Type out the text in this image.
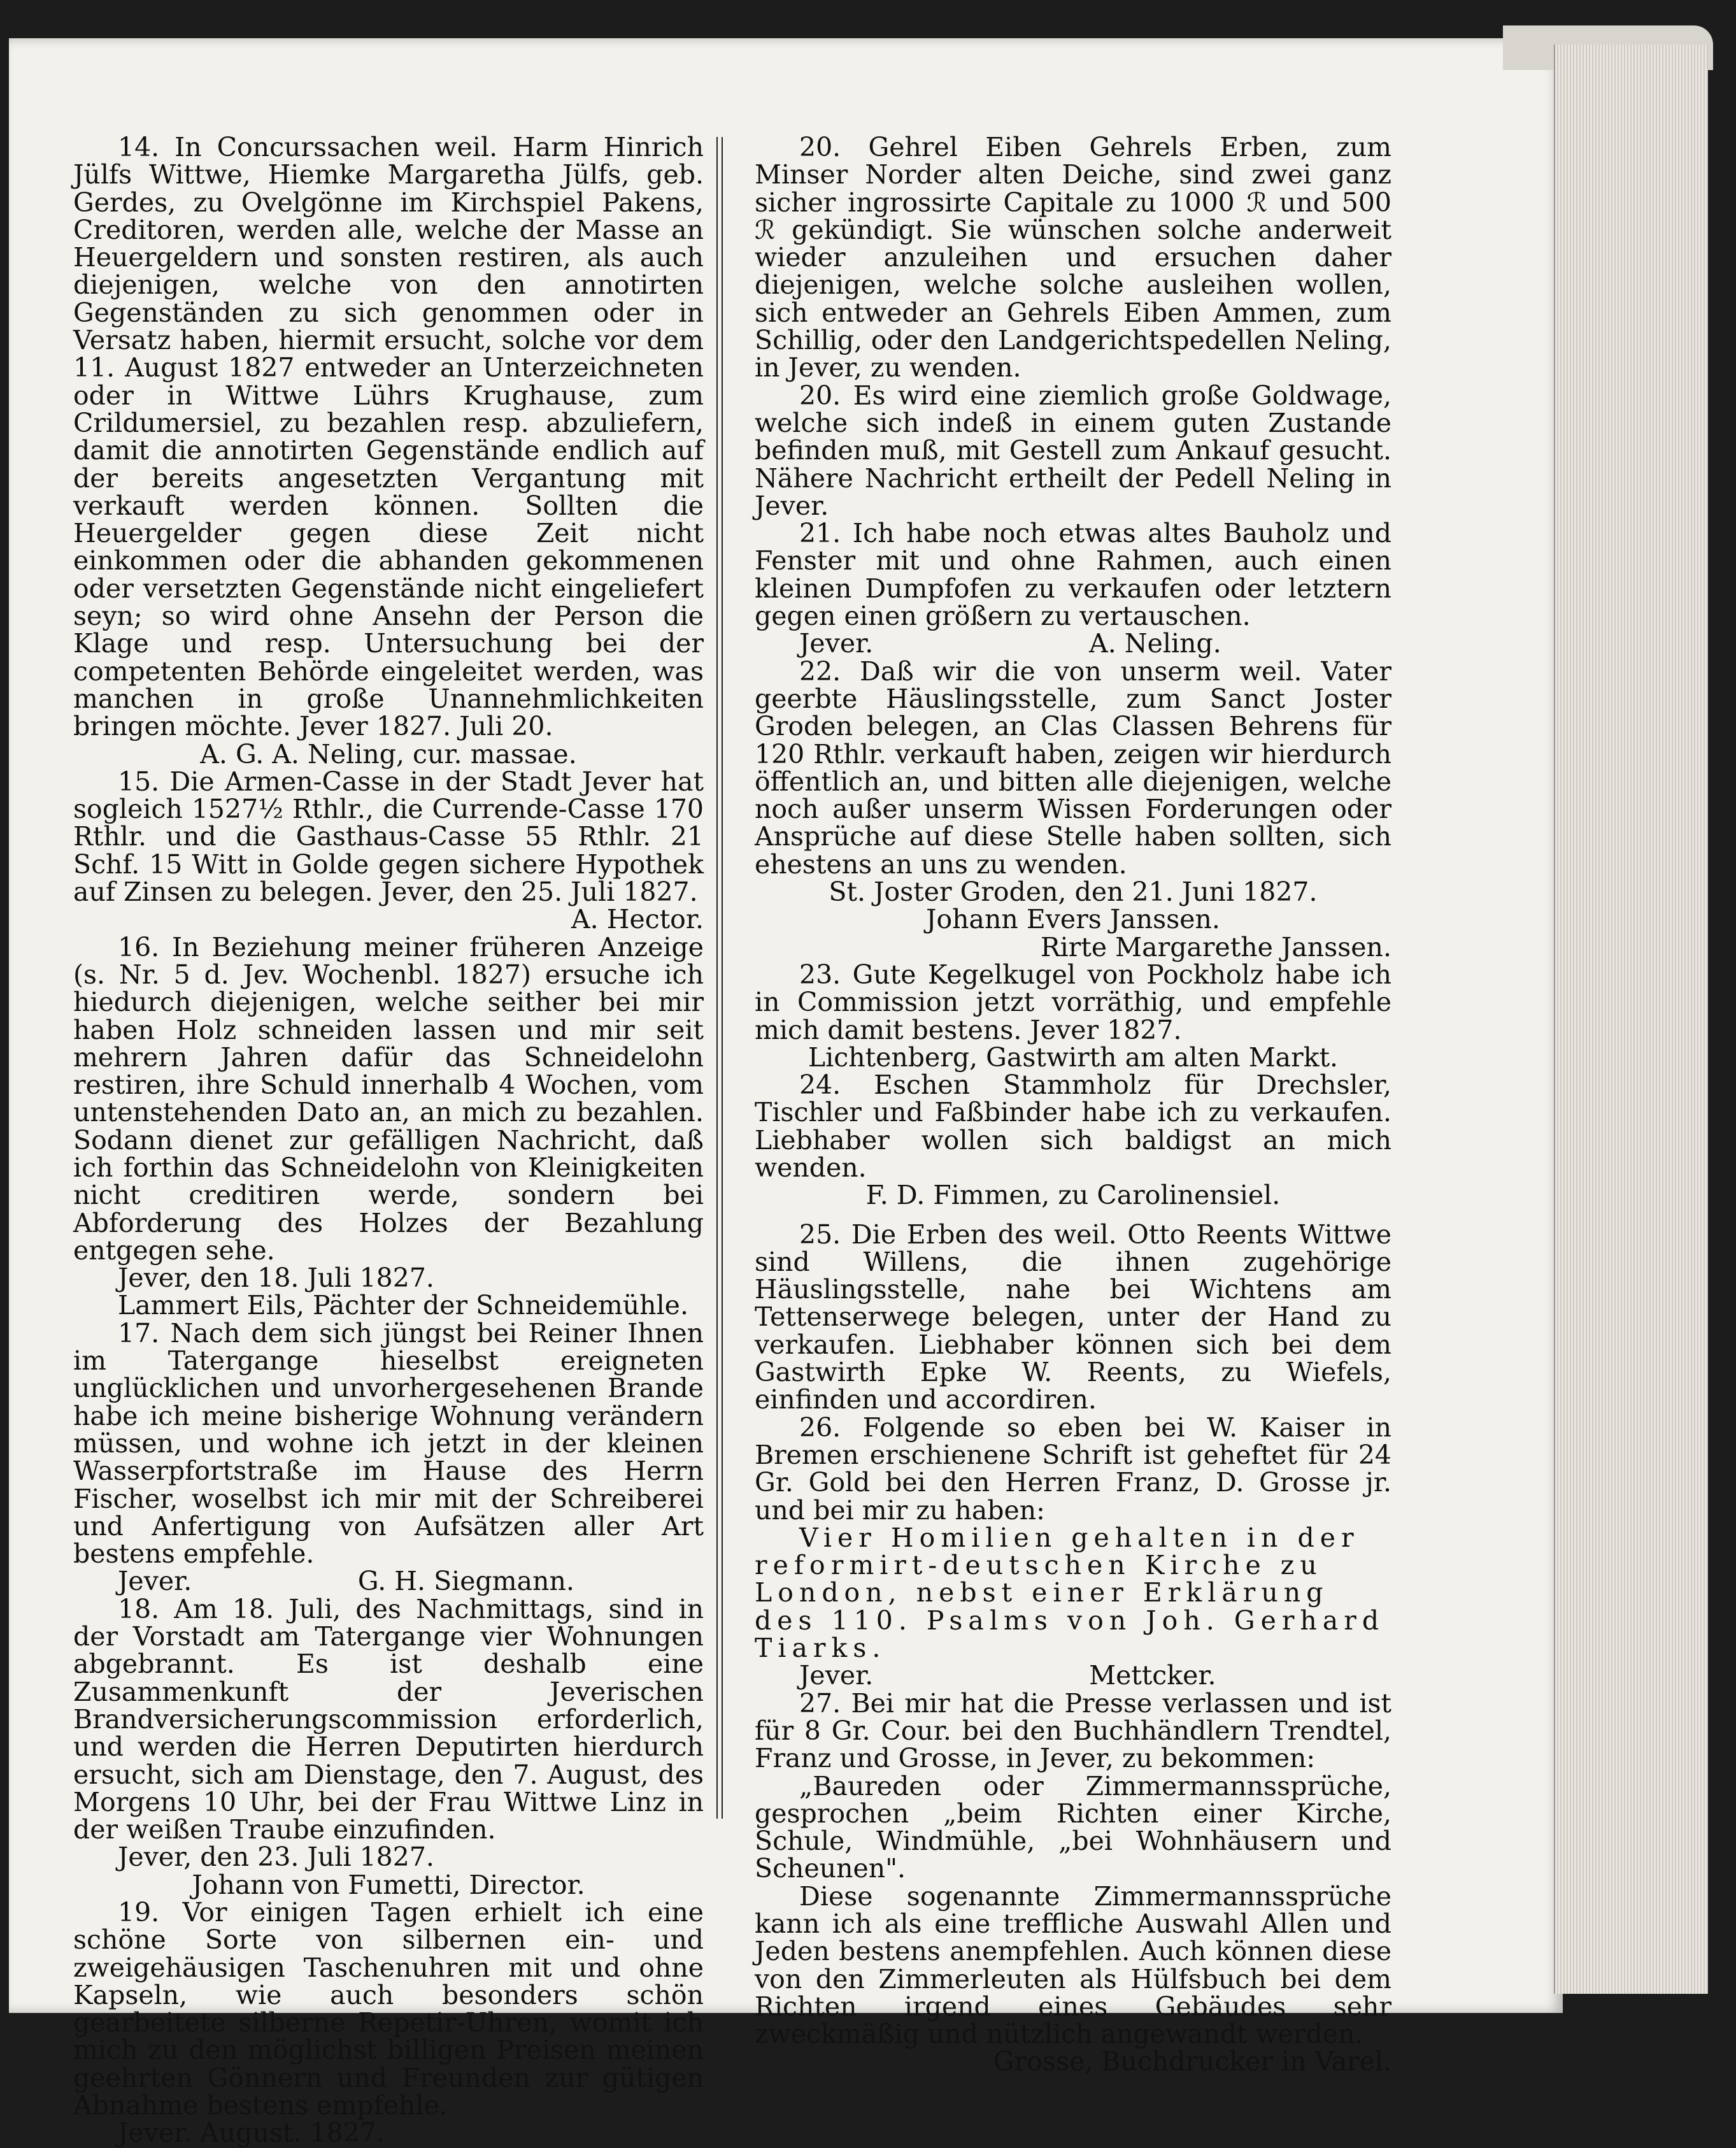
14. In Concurssachen weil. Harm Hinrich Jülfs Wittwe, Hiemke Margaretha Jülfs, geb. Gerdes, zu Ovelgönne im Kirchspiel Pakens, Creditoren, werden alle, welche der Masse an Heuergeldern und sonsten restiren, als auch diejenigen, welche von den annotirten Gegenständen zu sich genommen oder in Versatz haben, hiermit ersucht, solche vor dem 11. August 1827 entweder an Unterzeichneten oder in Wittwe Lührs Krughause, zum Crildumersiel, zu bezahlen resp. abzuliefern, damit die annotirten Gegenstände endlich auf der bereits angesetzten Vergantung mit verkauft werden können. Sollten die Heuergelder gegen diese Zeit nicht einkommen oder die abhanden gekommenen oder versetzten Gegenstände nicht eingeliefert seyn; so wird ohne Ansehn der Person die Klage und resp. Untersuchung bei der competenten Behörde eingeleitet werden, was manchen in große Unannehmlichkeiten bringen möchte. Jever 1827. Juli 20.

A. G. A. Neling, cur. massae.

15. Die Armen-Casse in der Stadt Jever hat sogleich 1527½ Rthlr., die Currende-Casse 170 Rthlr. und die Gasthaus-Casse 55 Rthlr. 21 Schf. 15 Witt in Golde gegen sichere Hypothek auf Zinsen zu belegen. Jever, den 25. Juli 1827.

A. Hector.

16. In Beziehung meiner früheren Anzeige (s. Nr. 5 d. Jev. Wochenbl. 1827) ersuche ich hiedurch diejenigen, welche seither bei mir haben Holz schneiden lassen und mir seit mehrern Jahren dafür das Schneidelohn restiren, ihre Schuld innerhalb 4 Wochen, vom untenstehenden Dato an, an mich zu bezahlen. Sodann dienet zur gefälligen Nachricht, daß ich forthin das Schneidelohn von Kleinigkeiten nicht creditiren werde, sondern bei Abforderung des Holzes der Bezahlung entgegen sehe.

Jever, den 18. Juli 1827.

Lammert Eils, Pächter der Schneidemühle.

17. Nach dem sich jüngst bei Reiner Ihnen im Tatergange hieselbst ereigneten unglücklichen und unvorhergesehenen Brande habe ich meine bisherige Wohnung verändern müssen, und wohne ich jetzt in der kleinen Wasserpfortstraße im Hause des Herrn Fischer, woselbst ich mir mit der Schreiberei und Anfertigung von Aufsätzen aller Art bestens empfehle.

Jever.                    G. H. Siegmann.

18. Am 18. Juli, des Nachmittags, sind in der Vorstadt am Tatergange vier Wohnungen abgebrannt. Es ist deshalb eine Zusammenkunft der Jeverischen Brandversicherungscommission erforderlich, und werden die Herren Deputirten hierdurch ersucht, sich am Dienstage, den 7. August, des Morgens 10 Uhr, bei der Frau Wittwe Linz in der weißen Traube einzufinden.

Jever, den 23. Juli 1827.

Johann von Fumetti, Director.

19. Vor einigen Tagen erhielt ich eine schöne Sorte von silbernen ein- und zweigehäusigen Taschenuhren mit und ohne Kapseln, wie auch besonders schön gearbeitete silberne Repetir-Uhren, womit ich mich zu den möglichst billigen Preisen meinen geehrten Gönnern und Freunden zur gütigen Abnahme bestens empfehle.

Jever. August. 1827.

20. Gehrel Eiben Gehrels Erben, zum Minser Norder alten Deiche, sind zwei ganz sicher ingrossirte Capitale zu 1000 ℛ und 500 ℛ gekündigt. Sie wünschen solche anderweit wieder anzuleihen und ersuchen daher diejenigen, welche solche ausleihen wollen, sich entweder an Gehrels Eiben Ammen, zum Schillig, oder den Landgerichtspedellen Neling, in Jever, zu wenden.

20. Es wird eine ziemlich große Goldwage, welche sich indeß in einem guten Zustande befinden muß, mit Gestell zum Ankauf gesucht. Nähere Nachricht ertheilt der Pedell Neling in Jever.

21. Ich habe noch etwas altes Bauholz und Fenster mit und ohne Rahmen, auch einen kleinen Dumpfofen zu verkaufen oder letztern gegen einen größern zu vertauschen.

Jever.                          A. Neling.

22. Daß wir die von unserm weil. Vater geerbte Häuslingsstelle, zum Sanct Joster Groden belegen, an Clas Classen Behrens für 120 Rthlr. verkauft haben, zeigen wir hierdurch öffentlich an, und bitten alle diejenigen, welche noch außer unserm Wissen Forderungen oder Ansprüche auf diese Stelle haben sollten, sich ehestens an uns zu wenden.

St. Joster Groden, den 21. Juni 1827.

Johann Evers Janssen.

Rirte Margarethe Janssen.

23. Gute Kegelkugel von Pockholz habe ich in Commission jetzt vorräthig, und empfehle mich damit bestens. Jever 1827.

Lichtenberg, Gastwirth am alten Markt.

24. Eschen Stammholz für Drechsler, Tischler und Faßbinder habe ich zu verkaufen. Liebhaber wollen sich baldigst an mich wenden.

F. D. Fimmen, zu Carolinensiel.

25. Die Erben des weil. Otto Reents Wittwe sind Willens, die ihnen zugehörige Häuslingsstelle, nahe bei Wichtens am Tettenserwege belegen, unter der Hand zu verkaufen. Liebhaber können sich bei dem Gastwirth Epke W. Reents, zu Wiefels, einfinden und accordiren.

26. Folgende so eben bei W. Kaiser in Bremen erschienene Schrift ist geheftet für 24 Gr. Gold bei den Herren Franz, D. Grosse jr. und bei mir zu haben:

Vier Homilien gehalten in der reformirt-deutschen Kirche zu London, nebst einer Erklärung des 110. Psalms von Joh. Gerhard Tiarks.

Jever.                          Mettcker.

27. Bei mir hat die Presse verlassen und ist für 8 Gr. Cour. bei den Buchhändlern Trendtel, Franz und Grosse, in Jever, zu bekommen:

„Baureden oder Zimmermannssprüche, gesprochen „beim Richten einer Kirche, Schule, Windmühle, „bei Wohnhäusern und Scheunen".

Diese sogenannte Zimmermannssprüche kann ich als eine treffliche Auswahl Allen und Jeden bestens anempfehlen. Auch können diese von den Zimmerleuten als Hülfsbuch bei dem Richten irgend eines Gebäudes sehr zweckmäßig und nützlich angewandt werden.

Grosse, Buchdrucker in Varel.
